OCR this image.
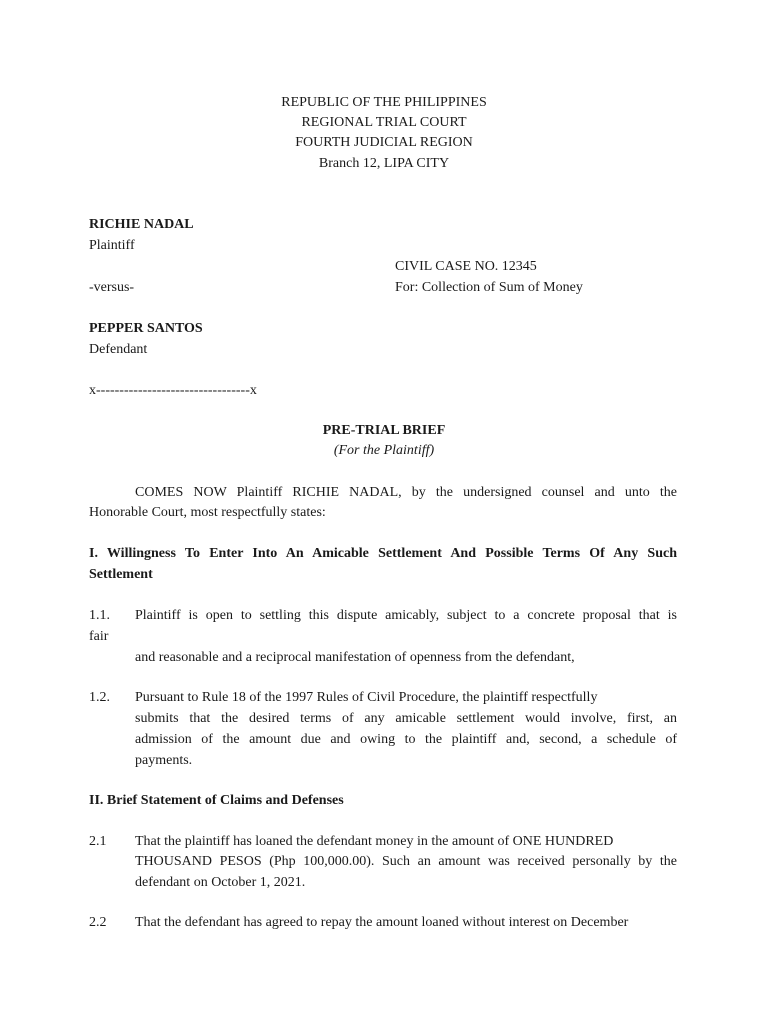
REPUBLIC OF THE PHILIPPINES
REGIONAL TRIAL COURT
FOURTH JUDICIAL REGION
Branch 12, LIPA CITY
RICHIE NADAL
Plaintiff
CIVIL CASE NO. 12345
-versus-	For: Collection of Sum of Money
PEPPER SANTOS
Defendant
x---------------------------------x
PRE-TRIAL BRIEF
(For the Plaintiff)
COMES NOW Plaintiff RICHIE NADAL, by the undersigned counsel and unto the
Honorable Court, most respectfully states:
I. Willingness To Enter Into An Amicable Settlement And Possible Terms Of Any Such
Settlement
1.1. Plaintiff is open to settling this dispute amicably, subject to a concrete proposal that is
fair
and reasonable and a reciprocal manifestation of openness from the defendant,
1.2. Pursuant to Rule 18 of the 1997 Rules of Civil Procedure, the plaintiff respectfully
submits that the desired terms of any amicable settlement would involve, first, an
admission of the amount due and owing to the plaintiff and, second, a schedule of
payments.
II. Brief Statement of Claims and Defenses
2.1 That the plaintiff has loaned the defendant money in the amount of ONE HUNDRED
THOUSAND PESOS (Php 100,000.00). Such an amount was received personally by the
defendant on October 1, 2021.
2.2 That the defendant has agreed to repay the amount loaned without interest on December
